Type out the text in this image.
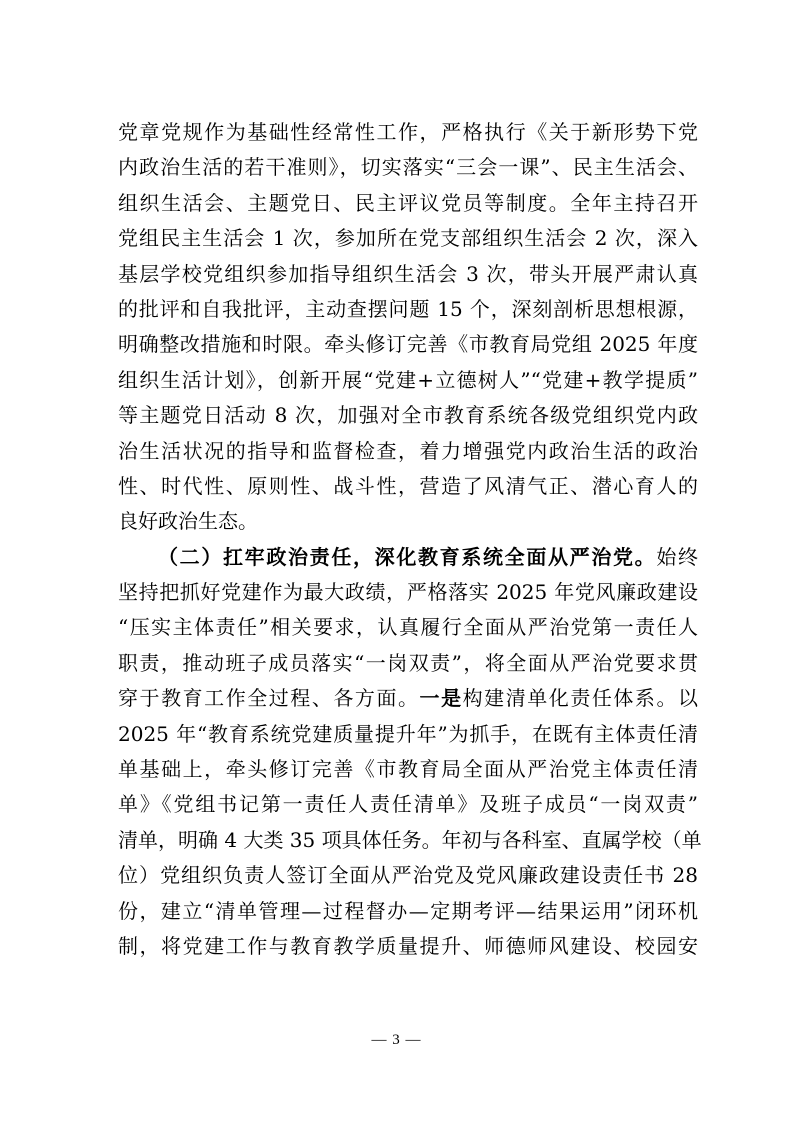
党章党规作为基础性经常性工作，严格执行《关于新形势下党
内政治生活的若干准则》，切实落实“三会一课”、民主生活会、
组织生活会、主题党日、民主评议党员等制度。全年主持召开
党组民主生活会 1 次，参加所在党支部组织生活会 2 次，深入
基层学校党组织参加指导组织生活会 3 次，带头开展严肃认真
的批评和自我批评，主动查摆问题 15 个，深刻剖析思想根源，
明确整改措施和时限。牵头修订完善《市教育局党组 2025 年度
组织生活计划》，创新开展“党建+立德树人”“党建+教学提质”
等主题党日活动 8 次，加强对全市教育系统各级党组织党内政
治生活状况的指导和监督检查，着力增强党内政治生活的政治
性、时代性、原则性、战斗性，营造了风清气正、潜心育人的
良好政治生态。
（二）扛牢政治责任，深化教育系统全面从严治党。始终
坚持把抓好党建作为最大政绩，严格落实 2025 年党风廉政建设
“压实主体责任”相关要求，认真履行全面从严治党第一责任人
职责，推动班子成员落实“一岗双责”，将全面从严治党要求贯
穿于教育工作全过程、各方面。一是构建清单化责任体系。以
2025 年“教育系统党建质量提升年”为抓手，在既有主体责任清
单基础上，牵头修订完善《市教育局全面从严治党主体责任清
单》《党组书记第一责任人责任清单》及班子成员“一岗双责”
清单，明确 4 大类 35 项具体任务。年初与各科室、直属学校（单
位）党组织负责人签订全面从严治党及党风廉政建设责任书 28
份，建立“清单管理—过程督办—定期考评—结果运用”闭环机
制，将党建工作与教育教学质量提升、师德师风建设、校园安
— 3 —
